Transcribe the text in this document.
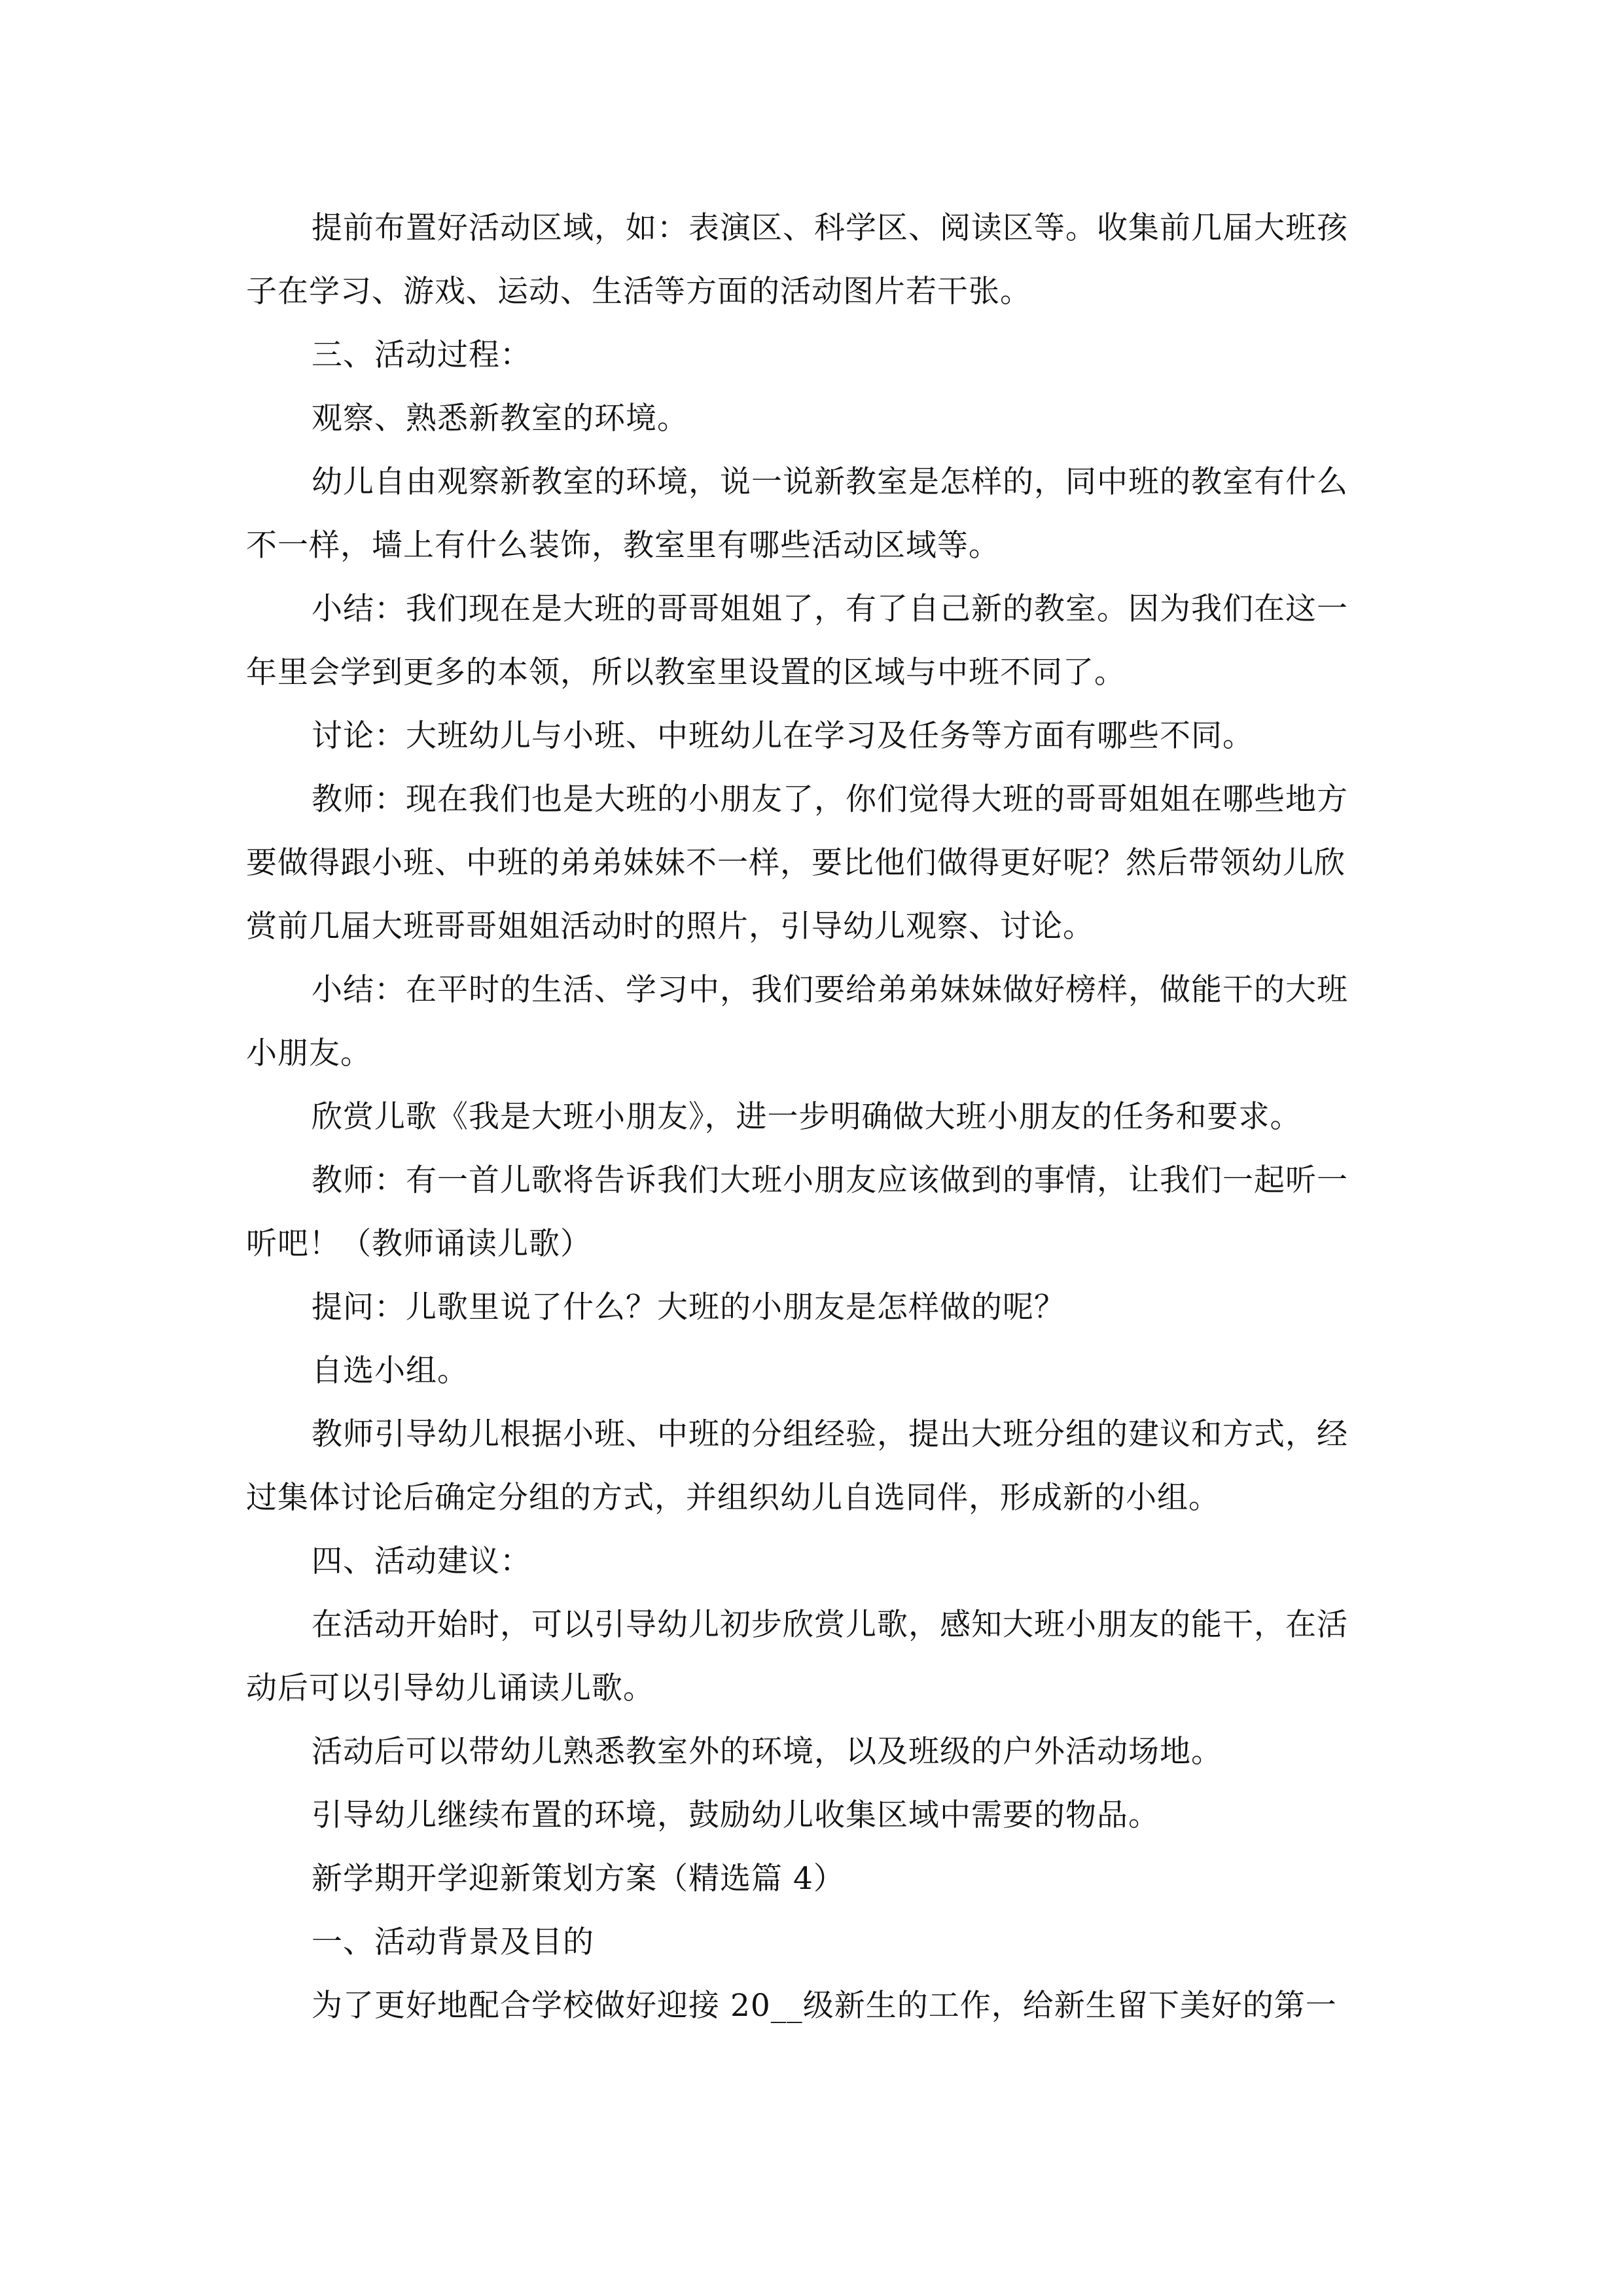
提前布置好活动区域，如：表演区、科学区、阅读区等。收集前几届大班孩
子在学习、游戏、运动、生活等方面的活动图片若干张。
三、活动过程：
观察、熟悉新教室的环境。
幼儿自由观察新教室的环境，说一说新教室是怎样的，同中班的教室有什么
不一样，墙上有什么装饰，教室里有哪些活动区域等。
小结：我们现在是大班的哥哥姐姐了，有了自己新的教室。因为我们在这一
年里会学到更多的本领，所以教室里设置的区域与中班不同了。
讨论：大班幼儿与小班、中班幼儿在学习及任务等方面有哪些不同。
教师：现在我们也是大班的小朋友了，你们觉得大班的哥哥姐姐在哪些地方
要做得跟小班、中班的弟弟妹妹不一样，要比他们做得更好呢？然后带领幼儿欣
赏前几届大班哥哥姐姐活动时的照片，引导幼儿观察、讨论。
小结：在平时的生活、学习中，我们要给弟弟妹妹做好榜样，做能干的大班
小朋友。
欣赏儿歌《我是大班小朋友》，进一步明确做大班小朋友的任务和要求。
教师：有一首儿歌将告诉我们大班小朋友应该做到的事情，让我们一起听一
听吧！（教师诵读儿歌）
提问：儿歌里说了什么？大班的小朋友是怎样做的呢？
自选小组。
教师引导幼儿根据小班、中班的分组经验，提出大班分组的建议和方式，经
过集体讨论后确定分组的方式，并组织幼儿自选同伴，形成新的小组。
四、活动建议：
在活动开始时，可以引导幼儿初步欣赏儿歌，感知大班小朋友的能干，在活
动后可以引导幼儿诵读儿歌。
活动后可以带幼儿熟悉教室外的环境，以及班级的户外活动场地。
引导幼儿继续布置的环境，鼓励幼儿收集区域中需要的物品。
新学期开学迎新策划方案（精选篇 4）
一、活动背景及目的
为了更好地配合学校做好迎接 20__级新生的工作，给新生留下美好的第一
